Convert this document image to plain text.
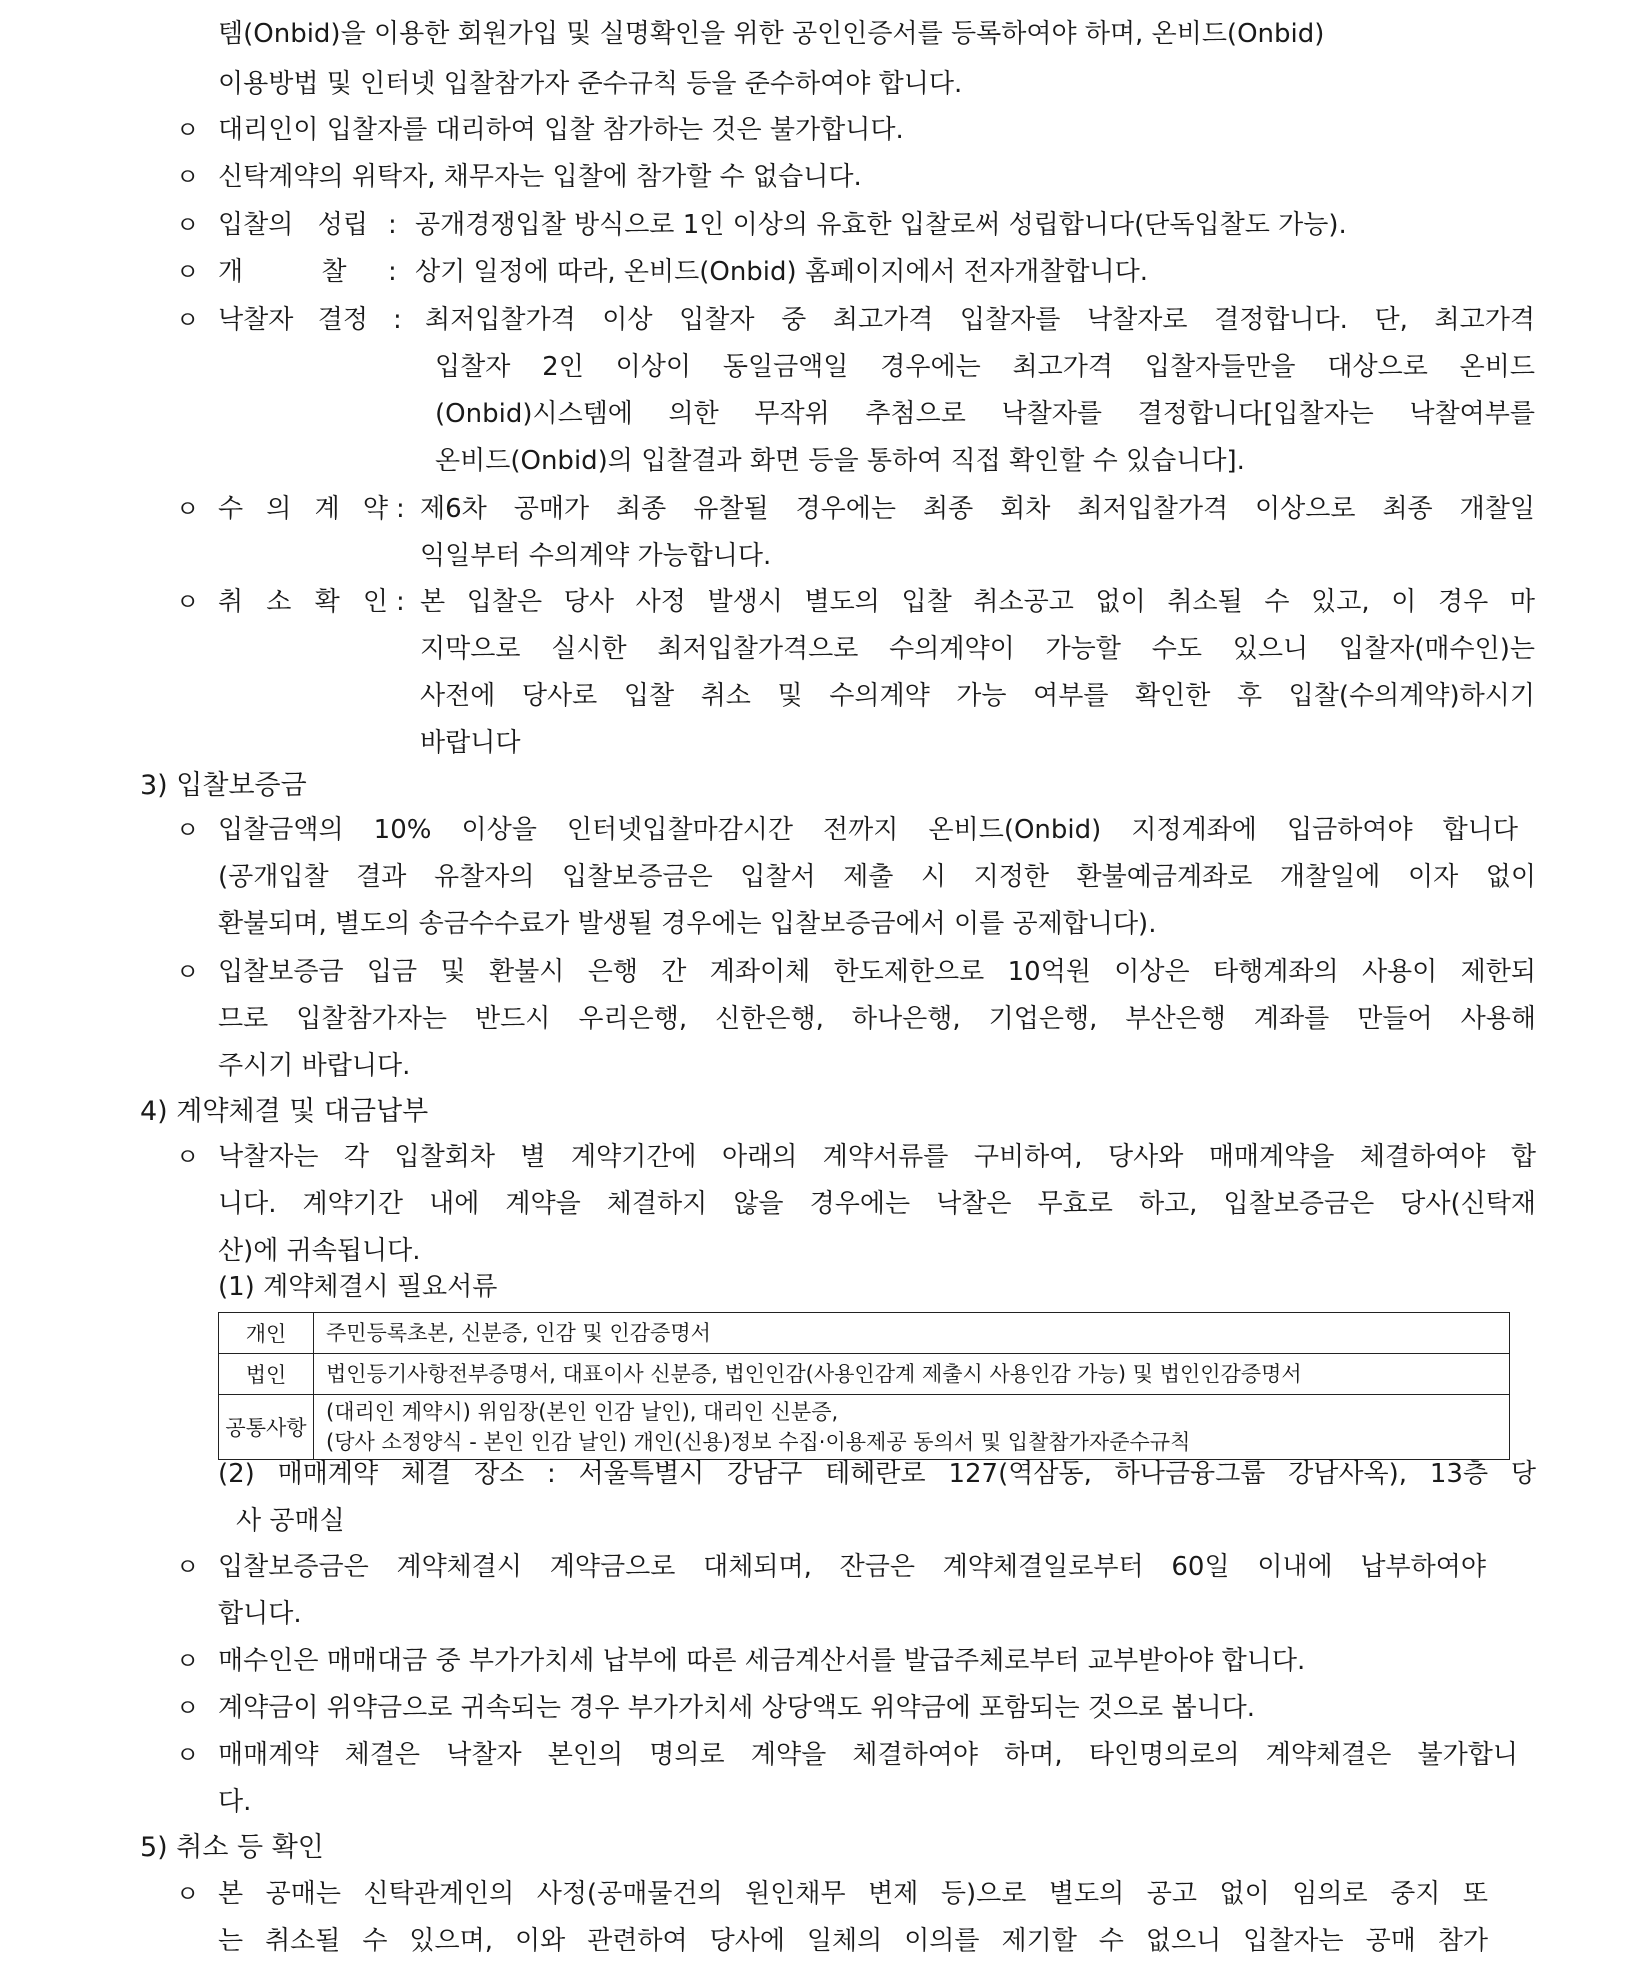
템(Onbid)을 이용한 회원가입 및 실명확인을 위한 공인인증서를 등록하여야 하며, 온비드(Onbid)
이용방법 및 인터넷 입찰참가자 준수규칙 등을 준수하여야 합니다.
ㅇ 대리인이 입찰자를 대리하여 입찰 참가하는 것은 불가합니다.
ㅇ 신탁계약의 위탁자, 채무자는 입찰에 참가할 수 없습니다.
ㅇ 입찰의 성립 : 공개경쟁입찰 방식으로 1인 이상의 유효한 입찰로써 성립합니다(단독입찰도 가능).
ㅇ 개 찰	: 상기 일정에 따라, 온비드(Onbid) 홈페이지에서 전자개찰합니다.
ㅇ 낙찰자 결정 : 최저입찰가격 이상 입찰자 중 최고가격 입찰자를 낙찰자로 결정합니다. 단, 최고가격
입찰자 2인 이상이 동일금액일 경우에는 최고가격 입찰자들만을 대상으로 온비드
(Onbid)시스템에 의한 무작위 추첨으로 낙찰자를 결정합니다[입찰자는 낙찰여부를
온비드(Onbid)의 입찰결과 화면 등을 통하여 직접 확인할 수 있습니다].
ㅇ 수 의 계 약 : 제6차 공매가 최종 유찰될 경우에는 최종 회차 최저입찰가격 이상으로 최종 개찰일
익일부터 수의계약 가능합니다.
ㅇ 취 소 확 인 : 본 입찰은 당사 사정 발생시 별도의 입찰 취소공고 없이 취소될 수 있고, 이 경우 마
지막으로 실시한 최저입찰가격으로 수의계약이 가능할 수도 있으니 입찰자(매수인)는
사전에 당사로 입찰 취소 및 수의계약 가능 여부를 확인한 후 입찰(수의계약)하시기
바랍니다
3) 입찰보증금
ㅇ 입찰금액의 10% 이상을 인터넷입찰마감시간 전까지 온비드(Onbid) 지정계좌에 입금하여야 합니다
(공개입찰 결과 유찰자의 입찰보증금은 입찰서 제출 시 지정한 환불예금계좌로 개찰일에 이자 없이
환불되며, 별도의 송금수수료가 발생될 경우에는 입찰보증금에서 이를 공제합니다).
ㅇ 입찰보증금 입금 및 환불시 은행 간 계좌이체 한도제한으로 10억원 이상은 타행계좌의 사용이 제한되
므로 입찰참가자는 반드시 우리은행, 신한은행, 하나은행, 기업은행, 부산은행 계좌를 만들어 사용해
주시기 바랍니다.
4) 계약체결 및 대금납부
ㅇ 낙찰자는 각 입찰회차 별 계약기간에 아래의 계약서류를 구비하여, 당사와 매매계약을 체결하여야 합
니다. 계약기간 내에 계약을 체결하지 않을 경우에는 낙찰은 무효로 하고, 입찰보증금은 당사(신탁재
산)에 귀속됩니다.
(1) 계약체결시 필요서류
개인	주민등록초본, 신분증, 인감 및 인감증명서

법인	법인등기사항전부증명서, 대표이사 신분증, 법인인감(사용인감계 제출시 사용인감 가능) 및 법인인감증명서

공통사항	(대리인 계약시) 위임장(본인 인감 날인), 대리인 신분증,
(당사 소정양식 - 본인 인감 날인) 개인(신용)정보 수집·이용제공 동의서 및 입찰참가자준수규칙
(2) 매매계약 체결 장소 : 서울특별시 강남구 테헤란로 127(역삼동, 하나금융그룹 강남사옥), 13층 당
사 공매실
ㅇ 입찰보증금은 계약체결시 계약금으로 대체되며, 잔금은 계약체결일로부터 60일 이내에 납부하여야
합니다.
ㅇ 매수인은 매매대금 중 부가가치세 납부에 따른 세금계산서를 발급주체로부터 교부받아야 합니다.
ㅇ 계약금이 위약금으로 귀속되는 경우 부가가치세 상당액도 위약금에 포함되는 것으로 봅니다.
ㅇ 매매계약 체결은 낙찰자 본인의 명의로 계약을 체결하여야 하며, 타인명의로의 계약체결은 불가합니
다.
5) 취소 등 확인
ㅇ 본 공매는 신탁관계인의 사정(공매물건의 원인채무 변제 등)으로 별도의 공고 없이 임의로 중지 또
는 취소될 수 있으며, 이와 관련하여 당사에 일체의 이의를 제기할 수 없으니 입찰자는 공매 참가
